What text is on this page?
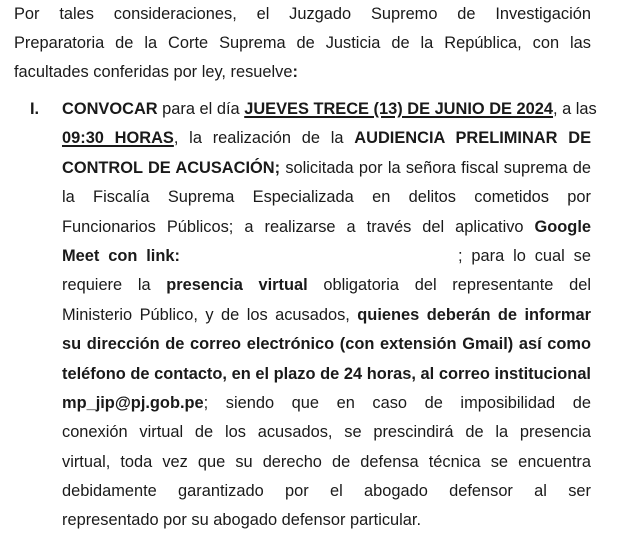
Por tales consideraciones, el Juzgado Supremo de Investigación
Preparatoria de la Corte Suprema de Justicia de la República, con las
facultades conferidas por ley, resuelve:
I. CONVOCAR para el día JUEVES TRECE (13) DE JUNIO DE 2024, a las
09:30 HORAS, la realización de la AUDIENCIA PRELIMINAR DE
CONTROL DE ACUSACIÓN; solicitada por la señora fiscal suprema de
la Fiscalía Suprema Especializada en delitos cometidos por
Funcionarios Públicos; a realizarse a través del aplicativo Google
Meet con link:	; para lo cual se
requiere la presencia virtual obligatoria del representante del
Ministerio Público, y de los acusados, quienes deberán de informar
su dirección de correo electrónico (con extensión Gmail) así como
teléfono de contacto, en el plazo de 24 horas, al correo institucional
mp_jip@pj.gob.pe; siendo que en caso de imposibilidad de
conexión virtual de los acusados, se prescindirá de la presencia
virtual, toda vez que su derecho de defensa técnica se encuentra
debidamente garantizado por el abogado defensor al ser
representado por su abogado defensor particular.
